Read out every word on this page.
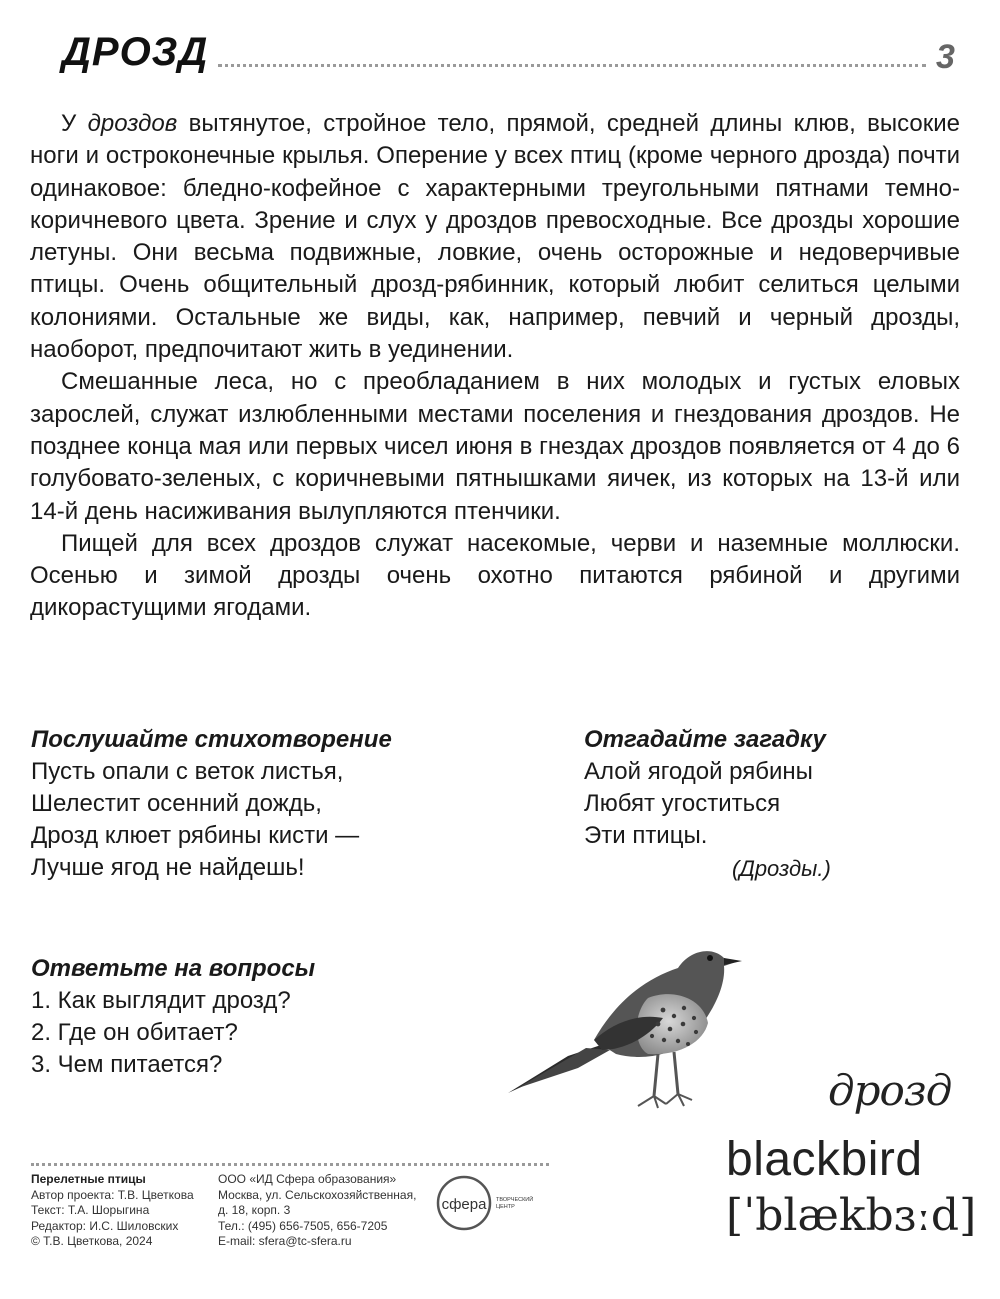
ДРОЗД	3

У дроздов вытянутое, стройное тело, прямой, средней длины клюв, высокие ноги и остроконечные крылья. Оперение у всех птиц (кроме черного дрозда) почти одинаковое: бледно-кофейное с характерными треугольными пятнами темно-коричневого цвета. Зрение и слух у дроздов превосходные. Все дрозды хорошие летуны. Они весьма подвижные, ловкие, очень осторожные и недоверчивые птицы. Очень общительный дрозд-рябинник, который любит селиться целыми колониями. Остальные же виды, как, например, певчий и черный дрозды, наоборот, предпочитают жить в уединении.

Смешанные леса, но с преобладанием в них молодых и густых еловых зарослей, служат излюбленными местами поселения и гнездования дроздов. Не позднее конца мая или первых чисел июня в гнездах дроздов появляется от 4 до 6 голубовато-зеленых, с коричневыми пятнышками яичек, из которых на 13-й или 14-й день насиживания вылупляются птенчики.

Пищей для всех дроздов служат насекомые, черви и наземные моллюски. Осенью и зимой дрозды очень охотно питаются рябиной и другими дикорастущими ягодами.

Послушайте стихотворение
Пусть опали с веток листья,
Шелестит осенний дождь,
Дрозд клюет рябины кисти —
Лучше ягод не найдешь!
Отгадайте загадку
Алой ягодой рябины
Любят угоститься
Эти птицы.
(Дрозды.)
Ответьте на вопросы
1. Как выглядит дрозд?
2. Где он обитает?
3. Чем питается?
дрозд
blackbird
[ˈblækbɜːd]
Перелетные птицы
Автор проекта: Т.В. Цветкова
Текст: Т.А. Шорыгина
Редактор: И.С. Шиловских
© Т.В. Цветкова, 2024
ООО «ИД Сфера образования»
Москва, ул. Сельскохозяйственная,
д. 18, корп. 3
Тел.: (495) 656-7505, 656-7205
E-mail: sfera@tc-sfera.ru
сфера ТВОРЧЕСКИЙ
ЦЕНТР
